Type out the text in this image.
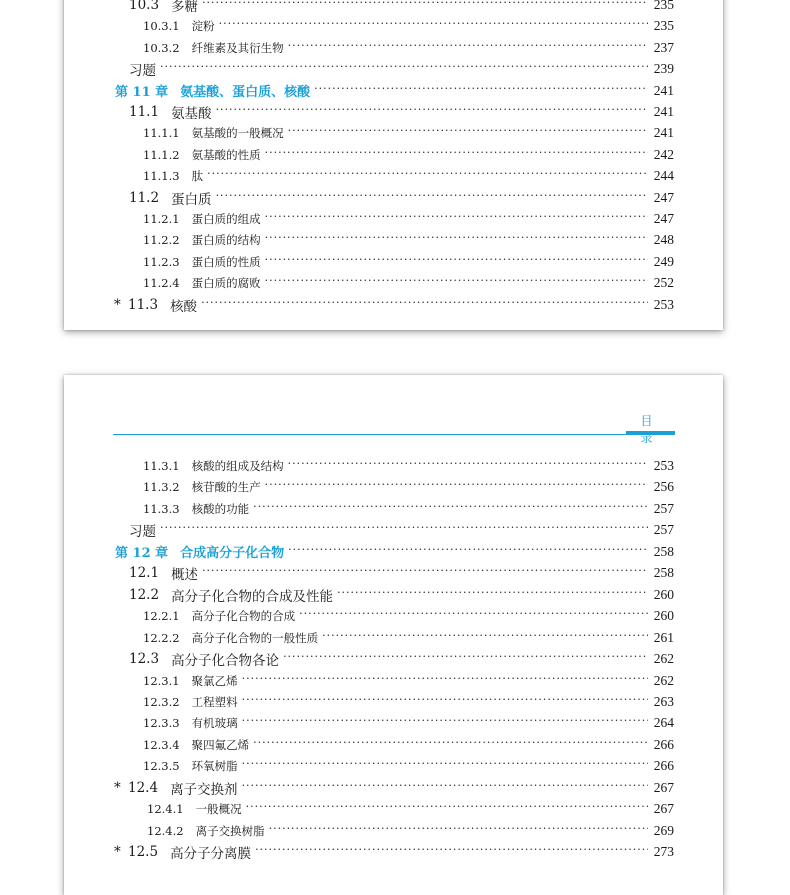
10.3 多糖 ·····	235
10.3.1 淀粉 ·····	235
10.3.2 纤维素及其衍生物 ·····	237
习题 ·····	239
第 11 章 氨基酸、蛋白质、核酸 ·····	241
11.1 氨基酸 ·····	241
11.1.1 氨基酸的一般概况 ·····	241
11.1.2 氨基酸的性质 ·····	242
11.1.3 肽 ·····	244
11.2 蛋白质 ·····	247
11.2.1 蛋白质的组成 ·····	247
11.2.2 蛋白质的结构 ·····	248
11.2.3 蛋白质的性质 ·····	249
11.2.4 蛋白质的腐败 ·····	252
* 11.3 核酸 ·····	253
目 录
11.3.1 核酸的组成及结构 ·····	253
11.3.2 核苷酸的生产 ·····	256
11.3.3 核酸的功能 ·····	257
习题 ·····	257
第 12 章 合成高分子化合物 ·····	258
12.1 概述 ·····	258
12.2 高分子化合物的合成及性能 ·····	260
12.2.1 高分子化合物的合成 ·····	260
12.2.2 高分子化合物的一般性质 ·····	261
12.3 高分子化合物各论 ·····	262
12.3.1 聚氯乙烯 ·····	262
12.3.2 工程塑料 ·····	263
12.3.3 有机玻璃 ·····	264
12.3.4 聚四氟乙烯 ·····	266
12.3.5 环氧树脂 ·····	266
* 12.4 离子交换剂 ·····	267
12.4.1 一般概况 ·····	267
12.4.2 离子交换树脂 ·····	269
* 12.5 高分子分离膜 ·····	273
